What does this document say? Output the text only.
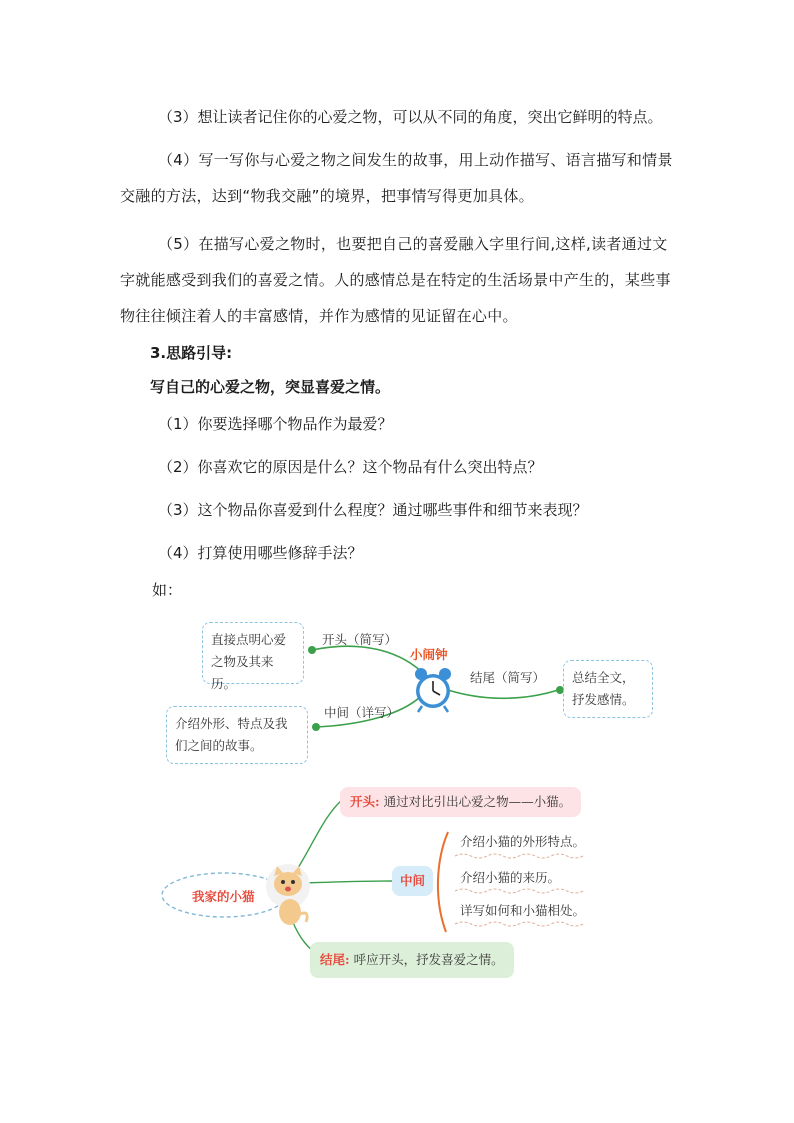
（3）想让读者记住你的心爱之物，可以从不同的角度，突出它鲜明的特点。

（4）写一写你与心爱之物之间发生的故事，用上动作描写、语言描写和情景交融的方法，达到“物我交融”的境界，把事情写得更加具体。

（5）在描写心爱之物时，也要把自己的喜爱融入字里行间,这样,读者通过文字就能感受到我们的喜爱之情。人的感情总是在特定的生活场景中产生的，某些事物往往倾注着人的丰富感情，并作为感情的见证留在心中。

3.思路引导:

写自己的心爱之物，突显喜爱之情。

（1）你要选择哪个物品作为最爱？

（2）你喜欢它的原因是什么？这个物品有什么突出特点？

（3）这个物品你喜爱到什么程度？通过哪些事件和细节来表现？

（4）打算使用哪些修辞手法？

如：

小闹钟
开头（简写）
中间（详写）
结尾（简写）
直接点明心爱之物及其来历。
介绍外形、特点及我们之间的故事。
总结全文，抒发感情。
我家的小猫
开头: 通过对比引出心爱之物——小猫。
中间
介绍小猫的外形特点。
介绍小猫的来历。
详写如何和小猫相处。
结尾: 呼应开头，抒发喜爱之情。
